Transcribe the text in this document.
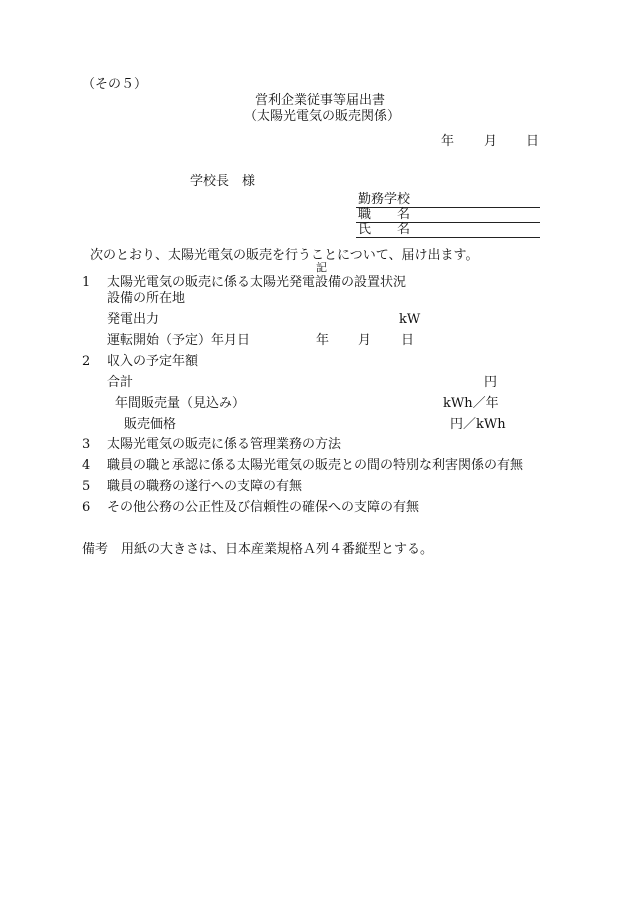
（その５）
営利企業従事等届出書
（太陽光電気の販売関係）
年 月 日
学校長　様
勤務学校
職　　名
氏　　名
次のとおり、太陽光電気の販売を行うことについて、届け出ます。
記
1 太陽光電気の販売に係る太陽光発電設備の設置状況
設備の所在地
発電出力	kW
運転開始（予定）年月日	年 月 日
2 収入の予定年額
合計	円
年間販売量（見込み）	kWh／年
販売価格	円／kWh
3 太陽光電気の販売に係る管理業務の方法
4 職員の職と承認に係る太陽光電気の販売との間の特別な利害関係の有無
5 職員の職務の遂行への支障の有無
6 その他公務の公正性及び信頼性の確保への支障の有無
備考　用紙の大きさは、日本産業規格Ａ列４番縦型とする。
